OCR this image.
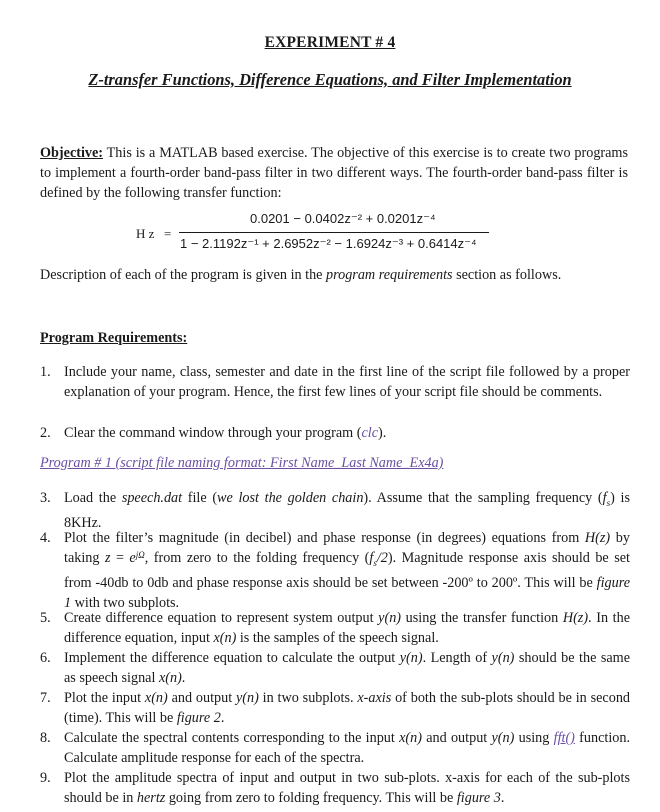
EXPERIMENT # 4
Z-transfer Functions, Difference Equations, and Filter Implementation
Objective: This is a MATLAB based exercise. The objective of this exercise is to create two programs to implement a fourth-order band-pass filter in two different ways. The fourth-order band-pass filter is defined by the following transfer function:
H z =
0.0201 − 0.0402z⁻² + 0.0201z⁻⁴
1 − 2.1192z⁻¹ + 2.6952z⁻² − 1.6924z⁻³ + 0.6414z⁻⁴
Description of each of the program is given in the program requirements section as follows.
Program Requirements:
1. Include your name, class, semester and date in the first line of the script file followed by a proper explanation of your program. Hence, the first few lines of your script file should be comments.
2. Clear the command window through your program (clc).
Program # 1 (script file naming format: First Name_Last Name_Ex4a)
3. Load the speech.dat file (we lost the golden chain). Assume that the sampling frequency $(f_s)$ is 8KHz.
4. Plot the filter’s magnitude (in decibel) and phase response (in degrees) equations from H(z) by taking $z = e^{j\Omega}$, from zero to the folding frequency $(f_s/2)$. Magnitude response axis should be set from -40db to 0db and phase response axis should be set between -200º to 200º. This will be figure 1 with two subplots.
5. Create difference equation to represent system output y(n) using the transfer function H(z). In the difference equation, input x(n) is the samples of the speech signal.
6. Implement the difference equation to calculate the output y(n). Length of y(n) should be the same as speech signal x(n).
7. Plot the input x(n) and output y(n) in two subplots. x-axis of both the sub-plots should be in second (time). This will be figure 2.
8. Calculate the spectral contents corresponding to the input x(n) and output y(n) using fft() function. Calculate amplitude response for each of the spectra.
9. Plot the amplitude spectra of input and output in two sub-plots. x-axis for each of the sub-plots should be in hertz going from zero to folding frequency. This will be figure 3.
